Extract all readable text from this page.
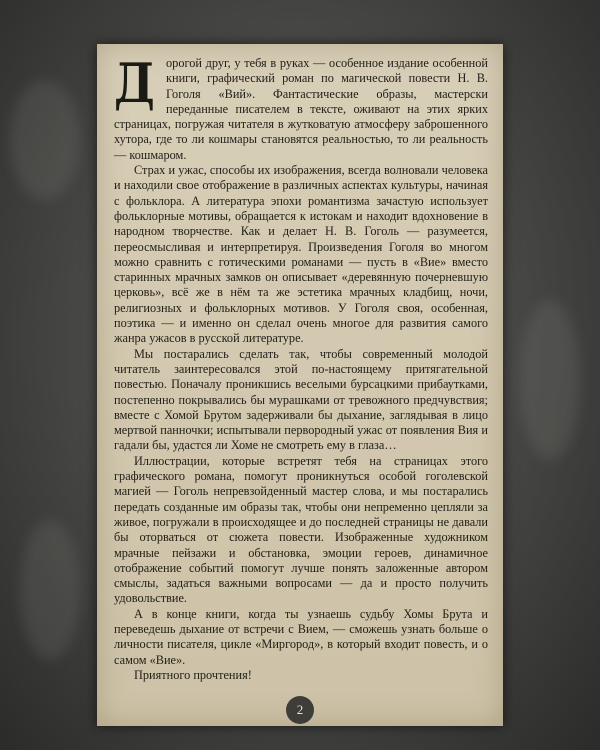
Дорогой друг, у тебя в руках — особенное издание особенной книги, графический роман по магической повести Н. В. Гоголя «Вий». Фантастические образы, мастерски переданные писателем в тексте, оживают на этих ярких страницах, погружая читателя в жутковатую атмосферу заброшенного хутора, где то ли кошмары становятся реальностью, то ли реальность — кошмаром.

Страх и ужас, способы их изображения, всегда волновали человека и находили свое отображение в различных аспектах культуры, начиная с фольклора. А литература эпохи романтизма зачастую использует фольклорные мотивы, обращается к истокам и находит вдохновение в народном творчестве. Как и делает Н. В. Гоголь — разумеется, переосмысливая и интерпретируя. Произведения Гоголя во многом можно сравнить с готическими романами — пусть в «Вие» вместо старинных мрачных замков он описывает «деревянную почерневшую церковь», всё же в нём та же эстетика мрачных кладбищ, ночи, религиозных и фольклорных мотивов. У Гоголя своя, особенная, поэтика — и именно он сделал очень многое для развития самого жанра ужасов в русской литературе.

Мы постарались сделать так, чтобы современный молодой читатель заинтересовался этой по-настоящему притягательной повестью. Поначалу проникшись веселыми бурсацкими прибаутками, постепенно покрывались бы мурашками от тревожного предчувствия; вместе с Хомой Брутом задерживали бы дыхание, заглядывая в лицо мертвой панночки; испытывали первородный ужас от появления Вия и гадали бы, удастся ли Хоме не смотреть ему в глаза…

Иллюстрации, которые встретят тебя на страницах этого графического романа, помогут проникнуться особой гоголевской магией — Гоголь непревзойденный мастер слова, и мы постарались передать созданные им образы так, чтобы они непременно цепляли за живое, погружали в происходящее и до последней страницы не давали бы оторваться от сюжета повести. Изображенные художником мрачные пейзажи и обстановка, эмоции героев, динамичное отображение событий помогут лучше понять заложенные автором смыслы, задаться важными вопросами — да и просто получить удовольствие.

А в конце книги, когда ты узнаешь судьбу Хомы Брута и переведешь дыхание от встречи с Вием, — сможешь узнать больше о личности писателя, цикле «Миргород», в который входит повесть, и о самом «Вие».

Приятного прочтения!

2
